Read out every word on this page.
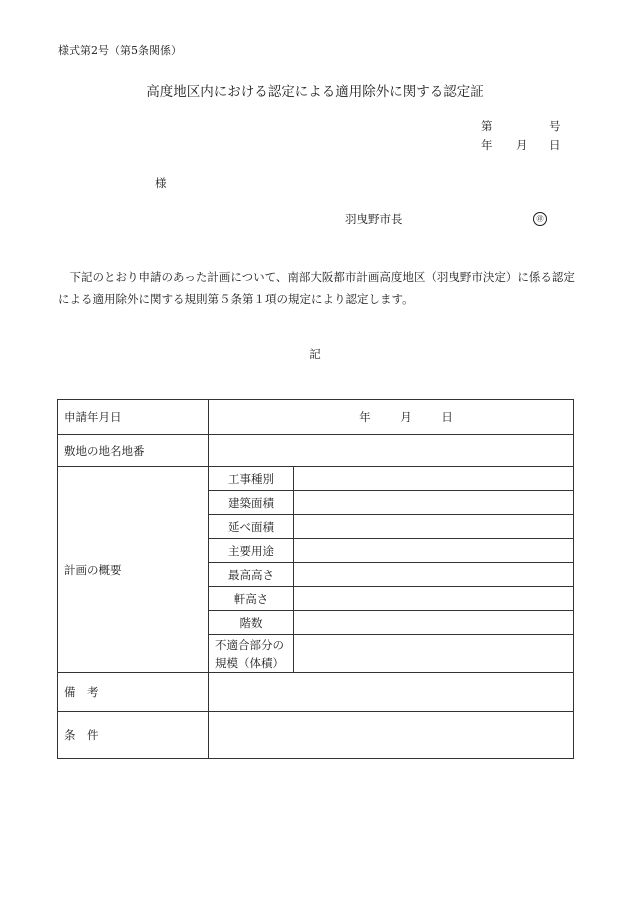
様式第2号（第5条関係）
高度地区内における認定による適用除外に関する認定証
第	号
年 月 日
様
羽曳野市長	㊞
下記のとおり申請のあった計画について、南部大阪都市計画高度地区（羽曳野市決定）に係る認定による適用除外に関する規則第５条第１項の規定により認定します。
記
申請年月日	年 月 日	
敷地の地名地番		
計画の概要	工事種別	
	建築面積	
	延べ面積	
	主要用途	
	最高高さ	
	軒高さ	
	階数	

	不適合部分の
規模（体積）	

備　考		
条　件		
